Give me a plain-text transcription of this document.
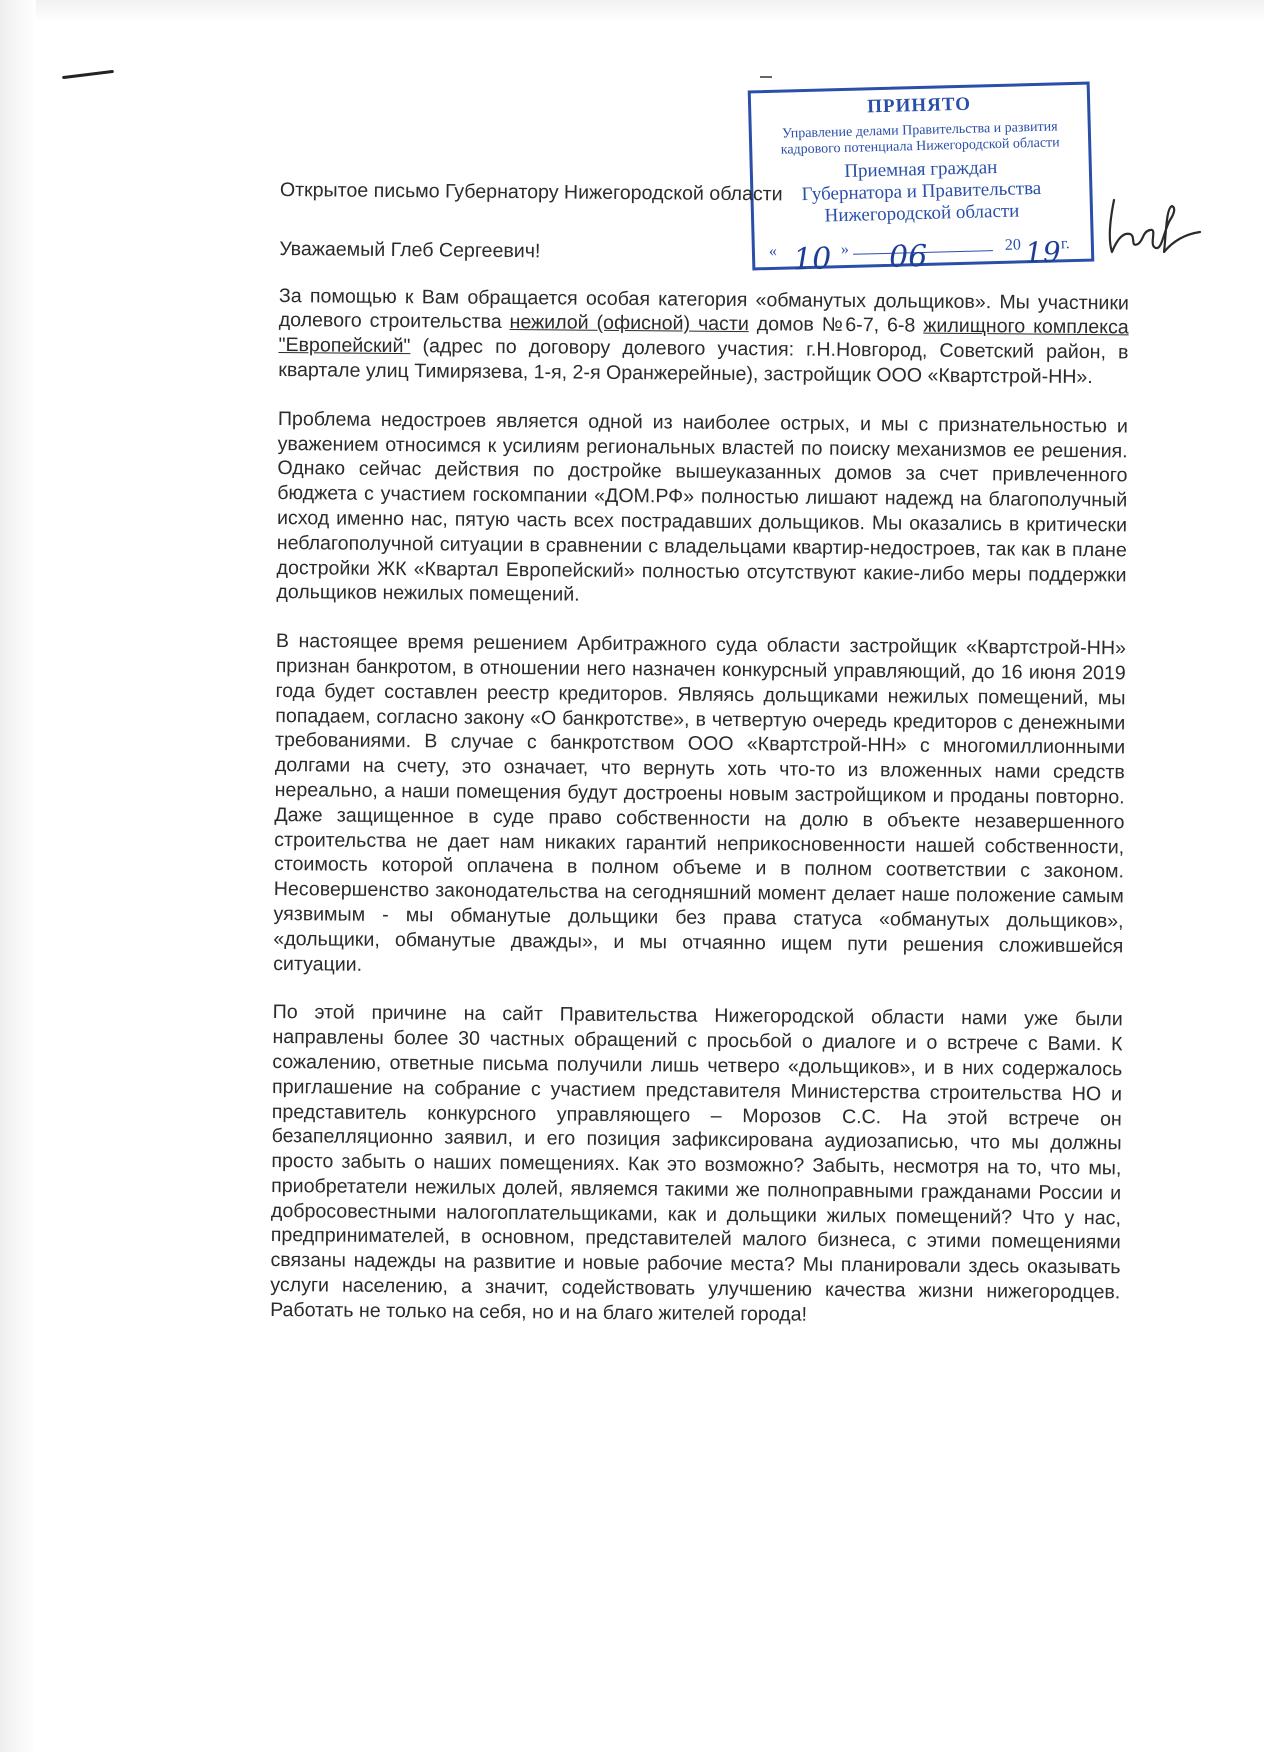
ПРИНЯТО
Управление делами Правительства и развития
кадрового потенциала Нижегородской области
Приемная граждан
Губернатора и Правительства
Нижегородской области
« 10 » 06	20 19 г.

Открытое письмо Губернатору Нижегородской области

Уважаемый Глеб Сергеевич!

За помощью к Вам обращается особая категория «обманутых дольщиков». Мы участники долевого строительства нежилой (офисной) части домов №6-7, 6-8 жилищного комплекса "Европейский" (адрес по договору долевого участия: г.Н.Новгород, Советский район, в квартале улиц Тимирязева, 1-я, 2-я Оранжерейные), застройщик ООО «Квартстрой-НН».

Проблема недостроев является одной из наиболее острых, и мы с признательностью и уважением относимся к усилиям региональных властей по поиску механизмов ее решения. Однако сейчас действия по достройке вышеуказанных домов за счет привлеченного бюджета с участием госкомпании «ДОМ.РФ» полностью лишают надежд на благополучный исход именно нас, пятую часть всех пострадавших дольщиков. Мы оказались в критически неблагополучной ситуации в сравнении с владельцами квартир-недостроев, так как в плане достройки ЖК «Квартал Европейский» полностью отсутствуют какие-либо меры поддержки дольщиков нежилых помещений.

В настоящее время решением Арбитражного суда области застройщик «Квартстрой-НН» признан банкротом, в отношении него назначен конкурсный управляющий, до 16 июня 2019 года будет составлен реестр кредиторов. Являясь дольщиками нежилых помещений, мы попадаем, согласно закону «О банкротстве», в четвертую очередь кредиторов с денежными требованиями. В случае с банкротством ООО «Квартстрой-НН» с многомиллионными долгами на счету, это означает, что вернуть хоть что-то из вложенных нами средств нереально, а наши помещения будут достроены новым застройщиком и проданы повторно. Даже защищенное в суде право собственности на долю в объекте незавершенного строительства не дает нам никаких гарантий неприкосновенности нашей собственности, стоимость которой оплачена в полном объеме и в полном соответствии с законом. Несовершенство законодательства на сегодняшний момент делает наше положение самым уязвимым - мы обманутые дольщики без права статуса «обманутых дольщиков», «дольщики, обманутые дважды», и мы отчаянно ищем пути решения сложившейся ситуации.

По этой причине на сайт Правительства Нижегородской области нами уже были направлены более 30 частных обращений с просьбой о диалоге и о встрече с Вами. К сожалению, ответные письма получили лишь четверо «дольщиков», и в них содержалось приглашение на собрание с участием представителя Министерства строительства НО и представитель конкурсного управляющего – Морозов С.С. На этой встрече он безапелляционно заявил, и его позиция зафиксирована аудиозаписью, что мы должны просто забыть о наших помещениях. Как это возможно? Забыть, несмотря на то, что мы, приобретатели нежилых долей, являемся такими же полноправными гражданами России и добросовестными налогоплательщиками, как и дольщики жилых помещений? Что у нас, предпринимателей, в основном, представителей малого бизнеса, с этими помещениями связаны надежды на развитие и новые рабочие места? Мы планировали здесь оказывать услуги населению, а значит, содействовать улучшению качества жизни нижегородцев. Работать не только на себя, но и на благо жителей города!
